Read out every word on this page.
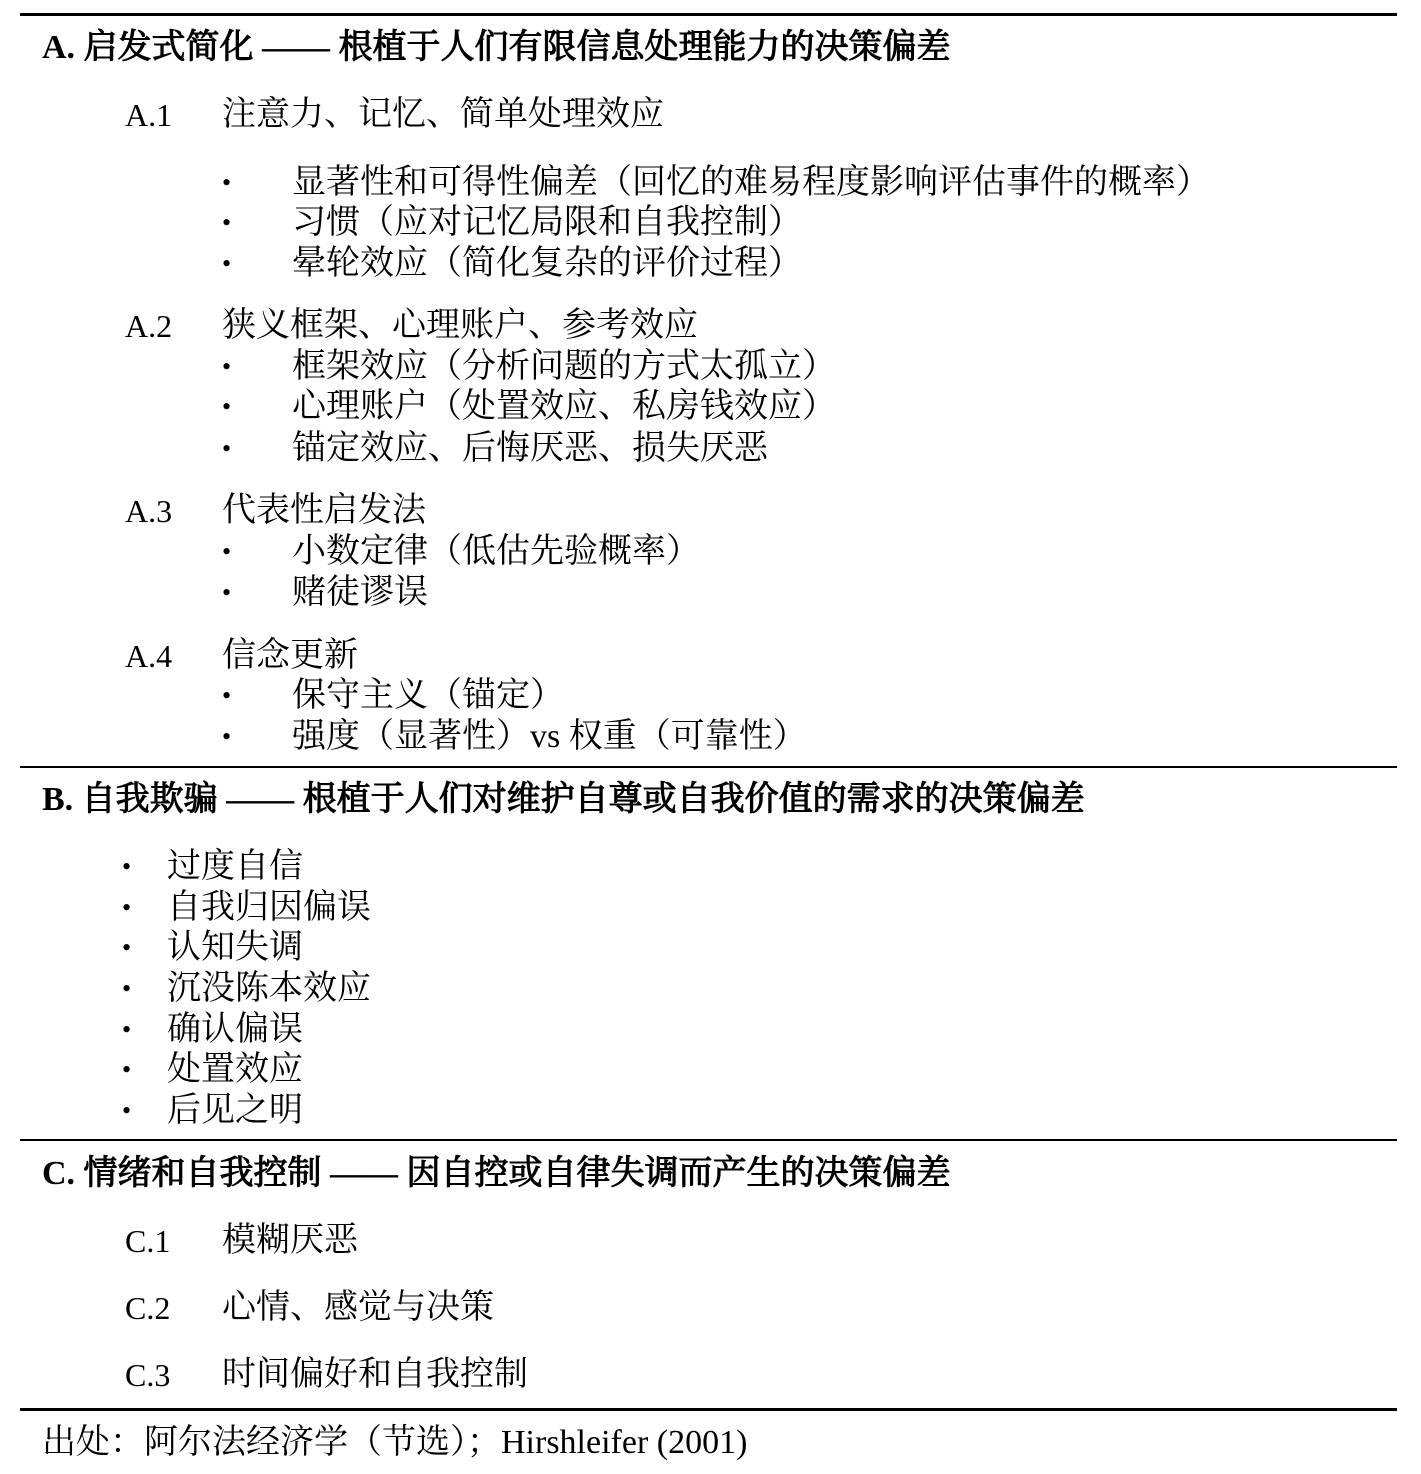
A. 启发式简化 —— 根植于人们有限信息处理能力的决策偏差
A.1 注意力、记忆、简单处理效应
• 显著性和可得性偏差（回忆的难易程度影响评估事件的概率）
• 习惯（应对记忆局限和自我控制）
• 晕轮效应（简化复杂的评价过程）
A.2 狭义框架、心理账户、参考效应
• 框架效应（分析问题的方式太孤立）
• 心理账户（处置效应、私房钱效应）
• 锚定效应、后悔厌恶、损失厌恶
A.3 代表性启发法
• 小数定律（低估先验概率）
• 赌徒谬误
A.4 信念更新
• 保守主义（锚定）
• 强度（显著性）vs 权重（可靠性）
B. 自我欺骗 —— 根植于人们对维护自尊或自我价值的需求的决策偏差
• 过度自信
• 自我归因偏误
• 认知失调
• 沉没陈本效应
• 确认偏误
• 处置效应
• 后见之明
C. 情绪和自我控制 —— 因自控或自律失调而产生的决策偏差
C.1 模糊厌恶
C.2 心情、感觉与决策
C.3 时间偏好和自我控制
出处：阿尔法经济学（节选）；Hirshleifer (2001)
